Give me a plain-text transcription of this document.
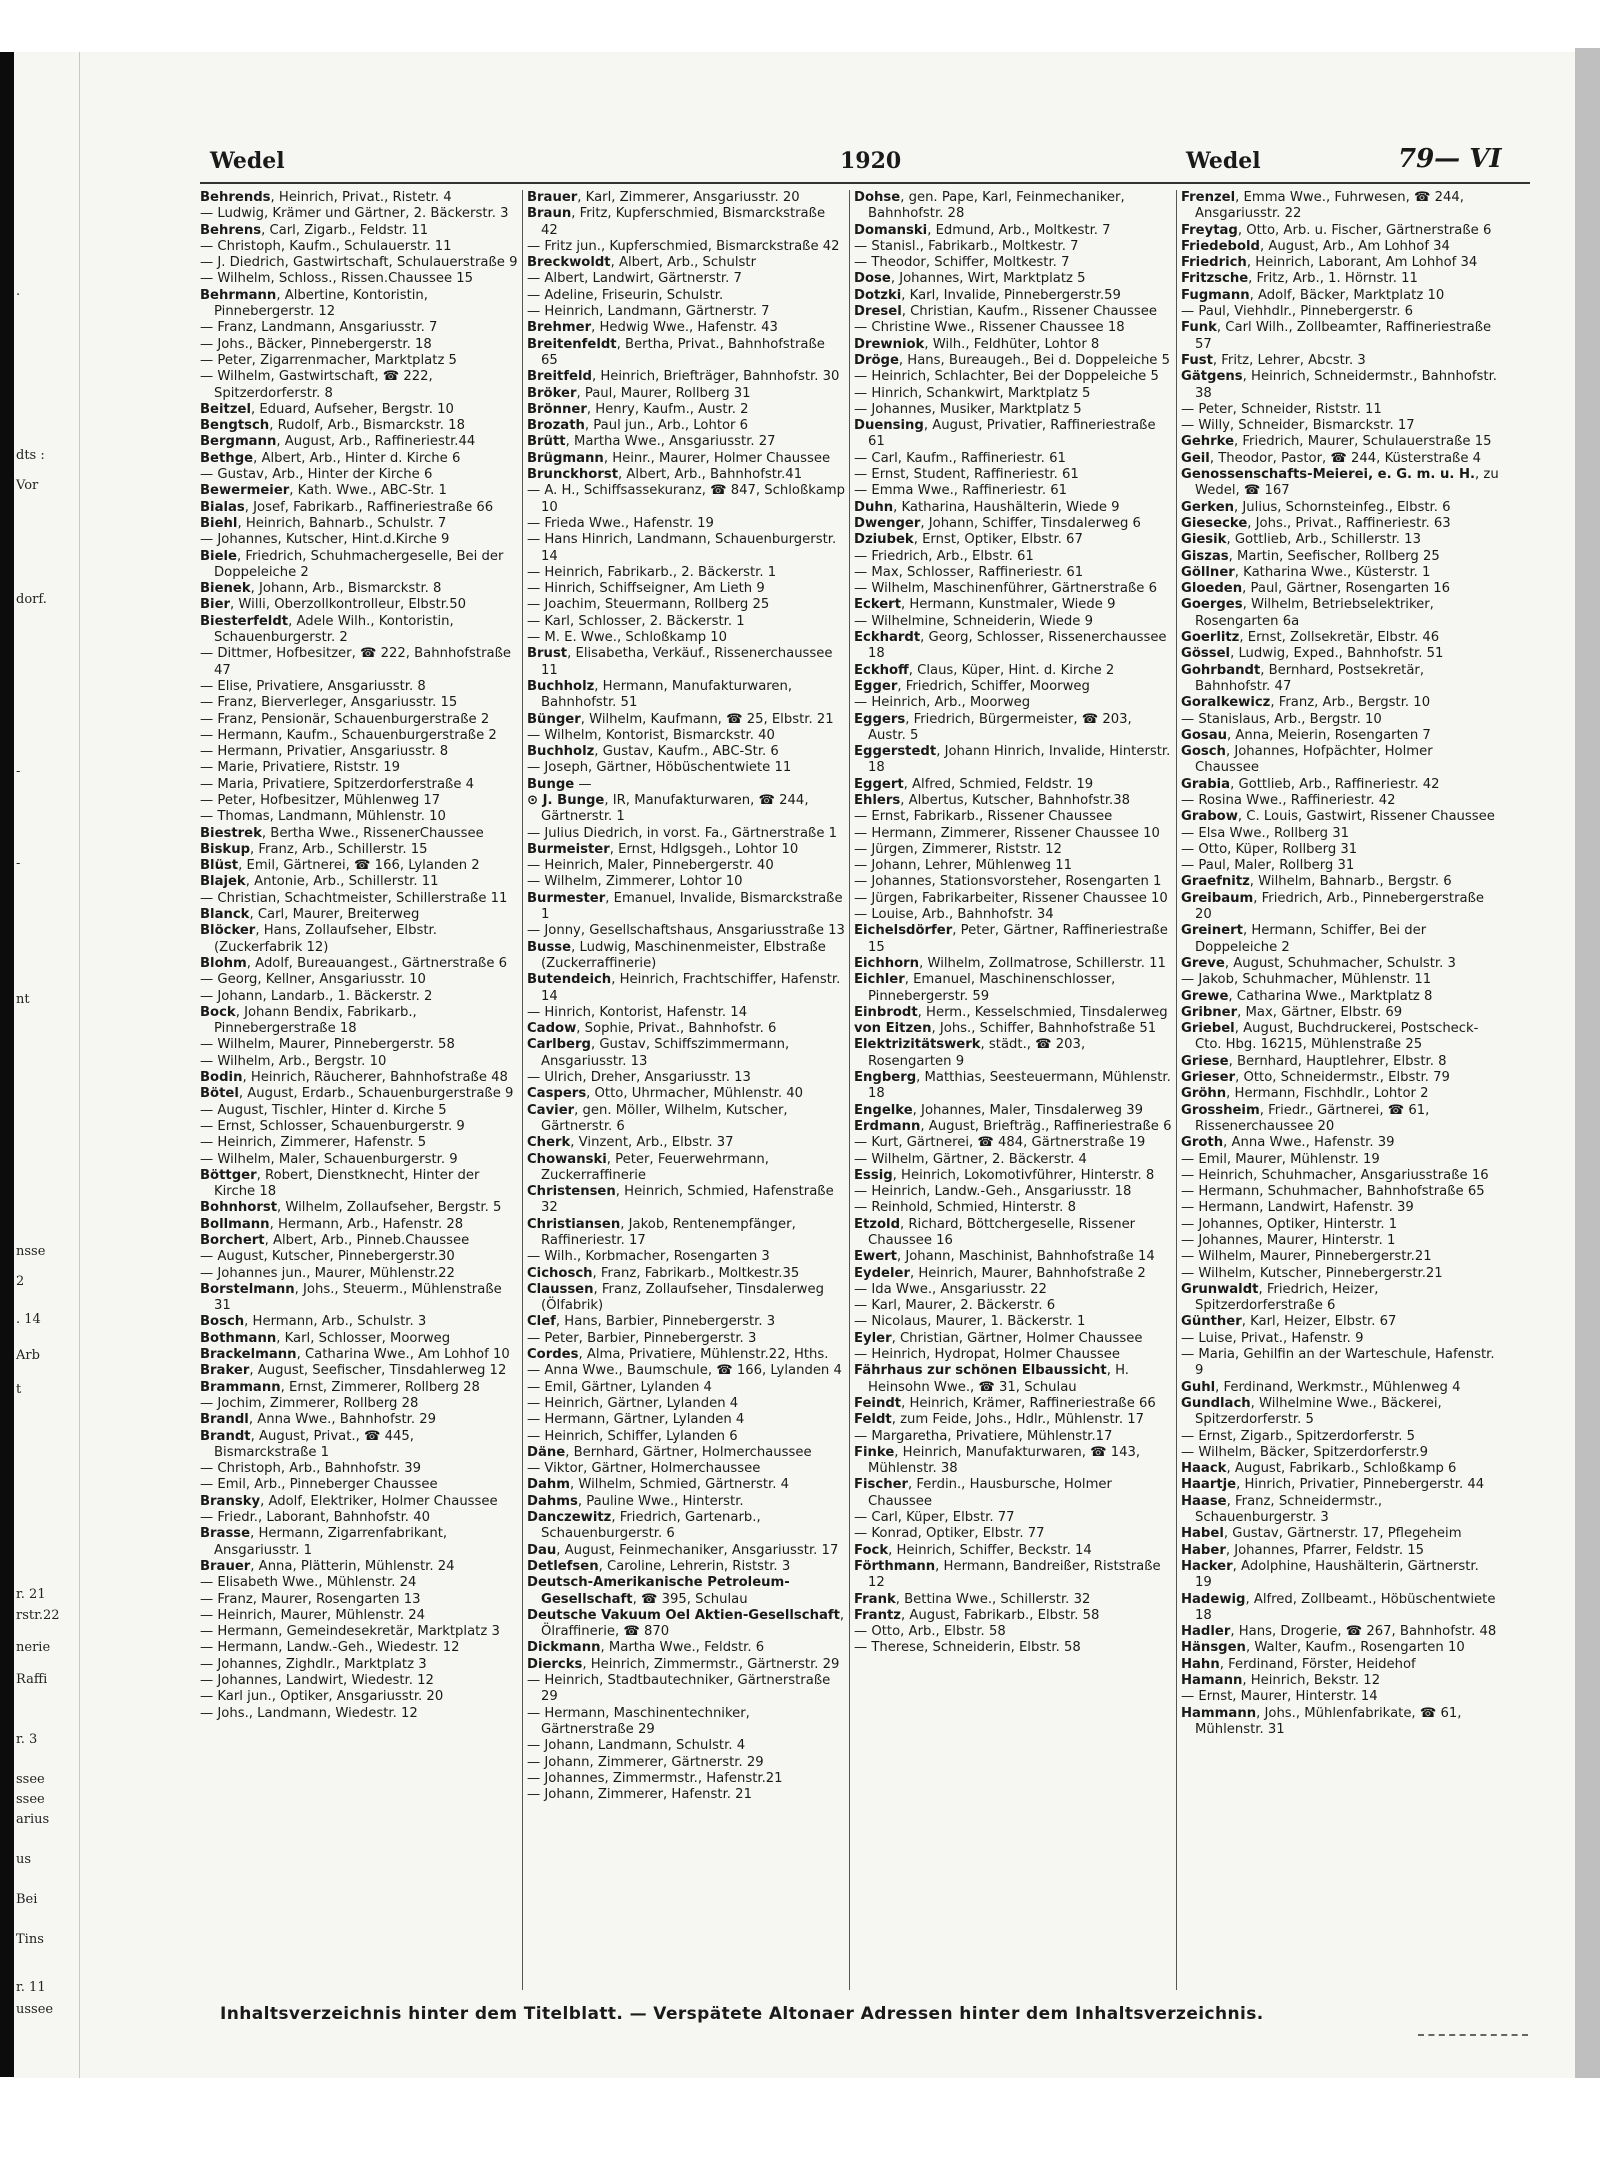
.
dts :
Vor
dorf.
-
-
nt
nsse
2
. 14
Arb
t
r. 21
rstr.22
nerie
Raffi
r. 3
ssee
ssee
arius
us
Bei
Tins
r. 11
ussee
Wedel	1920	Wedel	79— VI

Behrends, Heinrich, Privat., Ristetr. 4

— Ludwig, Krämer und Gärtner, 2. Bäckerstr. 3

Behrens, Carl, Zigarb., Feldstr. 11

— Christoph, Kaufm., Schulauerstr. 11

— J. Diedrich, Gastwirtschaft, Schulauerstraße 9

— Wilhelm, Schloss., Rissen.Chaussee 15

Behrmann, Albertine, Kontoristin, Pinnebergerstr. 12

— Franz, Landmann, Ansgariusstr. 7

— Johs., Bäcker, Pinnebergerstr. 18

— Peter, Zigarrenmacher, Marktplatz 5

— Wilhelm, Gastwirtschaft, ☎ 222, Spitzerdorferstr. 8

Beitzel, Eduard, Aufseher, Bergstr. 10

Bengtsch, Rudolf, Arb., Bismarckstr. 18

Bergmann, August, Arb., Raffineriestr.44

Bethge, Albert, Arb., Hinter d. Kirche 6

— Gustav, Arb., Hinter der Kirche 6

Bewermeier, Kath. Wwe., ABC-Str. 1

Bialas, Josef, Fabrikarb., Raffineriestraße 66

Biehl, Heinrich, Bahnarb., Schulstr. 7

— Johannes, Kutscher, Hint.d.Kirche 9

Biele, Friedrich, Schuhmachergeselle, Bei der Doppeleiche 2

Bienek, Johann, Arb., Bismarckstr. 8

Bier, Willi, Oberzollkontrolleur, Elbstr.50

Biesterfeldt, Adele Wilh., Kontoristin, Schauenburgerstr. 2

— Dittmer, Hofbesitzer, ☎ 222, Bahnhofstraße 47

— Elise, Privatiere, Ansgariusstr. 8

— Franz, Bierverleger, Ansgariusstr. 15

— Franz, Pensionär, Schauenburgerstraße 2

— Hermann, Kaufm., Schauenburgerstraße 2

— Hermann, Privatier, Ansgariusstr. 8

— Marie, Privatiere, Riststr. 19

— Maria, Privatiere, Spitzerdorferstraße 4

— Peter, Hofbesitzer, Mühlenweg 17

— Thomas, Landmann, Mühlenstr. 10

Biestrek, Bertha Wwe., RissenerChaussee

Biskup, Franz, Arb., Schillerstr. 15

Blüst, Emil, Gärtnerei, ☎ 166, Lylanden 2

Blajek, Antonie, Arb., Schillerstr. 11

— Christian, Schachtmeister, Schillerstraße 11

Blanck, Carl, Maurer, Breiterweg

Blöcker, Hans, Zollaufseher, Elbstr. (Zuckerfabrik 12)

Blohm, Adolf, Bureauangest., Gärtnerstraße 6

— Georg, Kellner, Ansgariusstr. 10

— Johann, Landarb., 1. Bäckerstr. 2

Bock, Johann Bendix, Fabrikarb., Pinnebergerstraße 18

— Wilhelm, Maurer, Pinnebergerstr. 58

— Wilhelm, Arb., Bergstr. 10

Bodin, Heinrich, Räucherer, Bahnhofstraße 48

Bötel, August, Erdarb., Schauenburgerstraße 9

— August, Tischler, Hinter d. Kirche 5

— Ernst, Schlosser, Schauenburgerstr. 9

— Heinrich, Zimmerer, Hafenstr. 5

— Wilhelm, Maler, Schauenburgerstr. 9

Böttger, Robert, Dienstknecht, Hinter der Kirche 18

Bohnhorst, Wilhelm, Zollaufseher, Bergstr. 5

Bollmann, Hermann, Arb., Hafenstr. 28

Borchert, Albert, Arb., Pinneb.Chaussee

— August, Kutscher, Pinnebergerstr.30

— Johannes jun., Maurer, Mühlenstr.22

Borstelmann, Johs., Steuerm., Mühlenstraße 31

Bosch, Hermann, Arb., Schulstr. 3

Bothmann, Karl, Schlosser, Moorweg

Brackelmann, Catharina Wwe., Am Lohhof 10

Braker, August, Seefischer, Tinsdahlerweg 12

Brammann, Ernst, Zimmerer, Rollberg 28

— Jochim, Zimmerer, Rollberg 28

Brandl, Anna Wwe., Bahnhofstr. 29

Brandt, August, Privat., ☎ 445, Bismarckstraße 1

— Christoph, Arb., Bahnhofstr. 39

— Emil, Arb., Pinneberger Chaussee

Bransky, Adolf, Elektriker, Holmer Chaussee

— Friedr., Laborant, Bahnhofstr. 40

Brasse, Hermann, Zigarrenfabrikant, Ansgariusstr. 1

Brauer, Anna, Plätterin, Mühlenstr. 24

— Elisabeth Wwe., Mühlenstr. 24

— Franz, Maurer, Rosengarten 13

— Heinrich, Maurer, Mühlenstr. 24

— Hermann, Gemeindesekretär, Marktplatz 3

— Hermann, Landw.-Geh., Wiedestr. 12

— Johannes, Zighdlr., Marktplatz 3

— Johannes, Landwirt, Wiedestr. 12

— Karl jun., Optiker, Ansgariusstr. 20

— Johs., Landmann, Wiedestr. 12

Brauer, Karl, Zimmerer, Ansgariusstr. 20

Braun, Fritz, Kupferschmied, Bismarckstraße 42

— Fritz jun., Kupferschmied, Bismarckstraße 42

Breckwoldt, Albert, Arb., Schulstr

— Albert, Landwirt, Gärtnerstr. 7

— Adeline, Friseurin, Schulstr.

— Heinrich, Landmann, Gärtnerstr. 7

Brehmer, Hedwig Wwe., Hafenstr. 43

Breitenfeldt, Bertha, Privat., Bahnhofstraße 65

Breitfeld, Heinrich, Briefträger, Bahnhofstr. 30

Bröker, Paul, Maurer, Rollberg 31

Brönner, Henry, Kaufm., Austr. 2

Brozath, Paul jun., Arb., Lohtor 6

Brütt, Martha Wwe., Ansgariusstr. 27

Brügmann, Heinr., Maurer, Holmer Chaussee

Brunckhorst, Albert, Arb., Bahnhofstr.41

— A. H., Schiffsassekuranz, ☎ 847, Schloßkamp 10

— Frieda Wwe., Hafenstr. 19

— Hans Hinrich, Landmann, Schauenburgerstr. 14

— Heinrich, Fabrikarb., 2. Bäckerstr. 1

— Hinrich, Schiffseigner, Am Lieth 9

— Joachim, Steuermann, Rollberg 25

— Karl, Schlosser, 2. Bäckerstr. 1

— M. E. Wwe., Schloßkamp 10

Brust, Elisabetha, Verkäuf., Rissenerchaussee 11

Buchholz, Hermann, Manufakturwaren, Bahnhofstr. 51

Bünger, Wilhelm, Kaufmann, ☎ 25, Elbstr. 21

— Wilhelm, Kontorist, Bismarckstr. 40

Buchholz, Gustav, Kaufm., ABC-Str. 6

— Joseph, Gärtner, Höbüschentwiete 11

Bunge —

⊙ J. Bunge, IR, Manufakturwaren, ☎ 244, Gärtnerstr. 1

— Julius Diedrich, in vorst. Fa., Gärtnerstraße 1

Burmeister, Ernst, Hdlgsgeh., Lohtor 10

— Heinrich, Maler, Pinnebergerstr. 40

— Wilhelm, Zimmerer, Lohtor 10

Burmester, Emanuel, Invalide, Bismarckstraße 1

— Jonny, Gesellschaftshaus, Ansgariusstraße 13

Busse, Ludwig, Maschinenmeister, Elbstraße (Zuckerraffinerie)

Butendeich, Heinrich, Frachtschiffer, Hafenstr. 14

— Hinrich, Kontorist, Hafenstr. 14

Cadow, Sophie, Privat., Bahnhofstr. 6

Carlberg, Gustav, Schiffszimmermann, Ansgariusstr. 13

— Ulrich, Dreher, Ansgariusstr. 13

Caspers, Otto, Uhrmacher, Mühlenstr. 40

Cavier, gen. Möller, Wilhelm, Kutscher, Gärtnerstr. 6

Cherk, Vinzent, Arb., Elbstr. 37

Chowanski, Peter, Feuerwehrmann, Zuckerraffinerie

Christensen, Heinrich, Schmied, Hafenstraße 32

Christiansen, Jakob, Rentenempfänger, Raffineriestr. 17

— Wilh., Korbmacher, Rosengarten 3

Cichosch, Franz, Fabrikarb., Moltkestr.35

Claussen, Franz, Zollaufseher, Tinsdalerweg (Ölfabrik)

Clef, Hans, Barbier, Pinnebergerstr. 3

— Peter, Barbier, Pinnebergerstr. 3

Cordes, Alma, Privatiere, Mühlenstr.22, Hths.

— Anna Wwe., Baumschule, ☎ 166, Lylanden 4

— Emil, Gärtner, Lylanden 4

— Heinrich, Gärtner, Lylanden 4

— Hermann, Gärtner, Lylanden 4

— Heinrich, Schiffer, Lylanden 6

Däne, Bernhard, Gärtner, Holmerchaussee

— Viktor, Gärtner, Holmerchaussee

Dahm, Wilhelm, Schmied, Gärtnerstr. 4

Dahms, Pauline Wwe., Hinterstr.

Danczewitz, Friedrich, Gartenarb., Schauenburgerstr. 6

Dau, August, Feinmechaniker, Ansgariusstr. 17

Detlefsen, Caroline, Lehrerin, Riststr. 3

Deutsch-Amerikanische Petroleum-Gesellschaft, ☎ 395, Schulau

Deutsche Vakuum Oel Aktien-Gesellschaft, Ölraffinerie, ☎ 870

Dickmann, Martha Wwe., Feldstr. 6

Diercks, Heinrich, Zimmermstr., Gärtnerstr. 29

— Heinrich, Stadtbautechniker, Gärtnerstraße 29

— Hermann, Maschinentechniker, Gärtnerstraße 29

— Johann, Landmann, Schulstr. 4

— Johann, Zimmerer, Gärtnerstr. 29

— Johannes, Zimmermstr., Hafenstr.21

— Johann, Zimmerer, Hafenstr. 21

Dohse, gen. Pape, Karl, Feinmechaniker, Bahnhofstr. 28

Domanski, Edmund, Arb., Moltkestr. 7

— Stanisl., Fabrikarb., Moltkestr. 7

— Theodor, Schiffer, Moltkestr. 7

Dose, Johannes, Wirt, Marktplatz 5

Dotzki, Karl, Invalide, Pinnebergerstr.59

Dresel, Christian, Kaufm., Rissener Chaussee

— Christine Wwe., Rissener Chaussee 18

Drewniok, Wilh., Feldhüter, Lohtor 8

Dröge, Hans, Bureaugeh., Bei d. Doppeleiche 5

— Heinrich, Schlachter, Bei der Doppeleiche 5

— Hinrich, Schankwirt, Marktplatz 5

— Johannes, Musiker, Marktplatz 5

Duensing, August, Privatier, Raffineriestraße 61

— Carl, Kaufm., Raffineriestr. 61

— Ernst, Student, Raffineriestr. 61

— Emma Wwe., Raffineriestr. 61

Duhn, Katharina, Haushälterin, Wiede 9

Dwenger, Johann, Schiffer, Tinsdalerweg 6

Dziubek, Ernst, Optiker, Elbstr. 67

— Friedrich, Arb., Elbstr. 61

— Max, Schlosser, Raffineriestr. 61

— Wilhelm, Maschinenführer, Gärtnerstraße 6

Eckert, Hermann, Kunstmaler, Wiede 9

— Wilhelmine, Schneiderin, Wiede 9

Eckhardt, Georg, Schlosser, Rissenerchaussee 18

Eckhoff, Claus, Küper, Hint. d. Kirche 2

Egger, Friedrich, Schiffer, Moorweg

— Heinrich, Arb., Moorweg

Eggers, Friedrich, Bürgermeister, ☎ 203, Austr. 5

Eggerstedt, Johann Hinrich, Invalide, Hinterstr. 18

Eggert, Alfred, Schmied, Feldstr. 19

Ehlers, Albertus, Kutscher, Bahnhofstr.38

— Ernst, Fabrikarb., Rissener Chaussee

— Hermann, Zimmerer, Rissener Chaussee 10

— Jürgen, Zimmerer, Riststr. 12

— Johann, Lehrer, Mühlenweg 11

— Johannes, Stationsvorsteher, Rosengarten 1

— Jürgen, Fabrikarbeiter, Rissener Chaussee 10

— Louise, Arb., Bahnhofstr. 34

Eichelsdörfer, Peter, Gärtner, Raffineriestraße 15

Eichhorn, Wilhelm, Zollmatrose, Schillerstr. 11

Eichler, Emanuel, Maschinenschlosser, Pinnebergerstr. 59

Einbrodt, Herm., Kesselschmied, Tinsdalerweg

von Eitzen, Johs., Schiffer, Bahnhofstraße 51

Elektrizitätswerk, städt., ☎ 203, Rosengarten 9

Engberg, Matthias, Seesteuermann, Mühlenstr. 18

Engelke, Johannes, Maler, Tinsdalerweg 39

Erdmann, August, Briefträg., Raffineriestraße 6

— Kurt, Gärtnerei, ☎ 484, Gärtnerstraße 19

— Wilhelm, Gärtner, 2. Bäckerstr. 4

Essig, Heinrich, Lokomotivführer, Hinterstr. 8

— Heinrich, Landw.-Geh., Ansgariusstr. 18

— Reinhold, Schmied, Hinterstr. 8

Etzold, Richard, Böttchergeselle, Rissener Chaussee 16

Ewert, Johann, Maschinist, Bahnhofstraße 14

Eydeler, Heinrich, Maurer, Bahnhofstraße 2

— Ida Wwe., Ansgariusstr. 22

— Karl, Maurer, 2. Bäckerstr. 6

— Nicolaus, Maurer, 1. Bäckerstr. 1

Eyler, Christian, Gärtner, Holmer Chaussee

— Heinrich, Hydropat, Holmer Chaussee

Fährhaus zur schönen Elbaussicht, H. Heinsohn Wwe., ☎ 31, Schulau

Feindt, Heinrich, Krämer, Raffineriestraße 66

Feldt, zum Feide, Johs., Hdlr., Mühlenstr. 17

— Margaretha, Privatiere, Mühlenstr.17

Finke, Heinrich, Manufakturwaren, ☎ 143, Mühlenstr. 38

Fischer, Ferdin., Hausbursche, Holmer Chaussee

— Carl, Küper, Elbstr. 77

— Konrad, Optiker, Elbstr. 77

Fock, Heinrich, Schiffer, Beckstr. 14

Förthmann, Hermann, Bandreißer, Riststraße 12

Frank, Bettina Wwe., Schillerstr. 32

Frantz, August, Fabrikarb., Elbstr. 58

— Otto, Arb., Elbstr. 58

— Therese, Schneiderin, Elbstr. 58

Frenzel, Emma Wwe., Fuhrwesen, ☎ 244, Ansgariusstr. 22

Freytag, Otto, Arb. u. Fischer, Gärtnerstraße 6

Friedebold, August, Arb., Am Lohhof 34

Friedrich, Heinrich, Laborant, Am Lohhof 34

Fritzsche, Fritz, Arb., 1. Hörnstr. 11

Fugmann, Adolf, Bäcker, Marktplatz 10

— Paul, Viehhdlr., Pinnebergerstr. 6

Funk, Carl Wilh., Zollbeamter, Raffineriestraße 57

Fust, Fritz, Lehrer, Abcstr. 3

Gätgens, Heinrich, Schneidermstr., Bahnhofstr. 38

— Peter, Schneider, Riststr. 11

— Willy, Schneider, Bismarckstr. 17

Gehrke, Friedrich, Maurer, Schulauerstraße 15

Geil, Theodor, Pastor, ☎ 244, Küsterstraße 4

Genossenschafts-Meierei, e. G. m. u. H., zu Wedel, ☎ 167

Gerken, Julius, Schornsteinfeg., Elbstr. 6

Giesecke, Johs., Privat., Raffineriestr. 63

Giesik, Gottlieb, Arb., Schillerstr. 13

Giszas, Martin, Seefischer, Rollberg 25

Göllner, Katharina Wwe., Küsterstr. 1

Gloeden, Paul, Gärtner, Rosengarten 16

Goerges, Wilhelm, Betriebselektriker, Rosengarten 6a

Goerlitz, Ernst, Zollsekretär, Elbstr. 46

Gössel, Ludwig, Exped., Bahnhofstr. 51

Gohrbandt, Bernhard, Postsekretär, Bahnhofstr. 47

Goralkewicz, Franz, Arb., Bergstr. 10

— Stanislaus, Arb., Bergstr. 10

Gosau, Anna, Meierin, Rosengarten 7

Gosch, Johannes, Hofpächter, Holmer Chaussee

Grabia, Gottlieb, Arb., Raffineriestr. 42

— Rosina Wwe., Raffineriestr. 42

Grabow, C. Louis, Gastwirt, Rissener Chaussee

— Elsa Wwe., Rollberg 31

— Otto, Küper, Rollberg 31

— Paul, Maler, Rollberg 31

Graefnitz, Wilhelm, Bahnarb., Bergstr. 6

Greibaum, Friedrich, Arb., Pinnebergerstraße 20

Greinert, Hermann, Schiffer, Bei der Doppeleiche 2

Greve, August, Schuhmacher, Schulstr. 3

— Jakob, Schuhmacher, Mühlenstr. 11

Grewe, Catharina Wwe., Marktplatz 8

Gribner, Max, Gärtner, Elbstr. 69

Griebel, August, Buchdruckerei, Postscheck-Cto. Hbg. 16215, Mühlenstraße 25

Griese, Bernhard, Hauptlehrer, Elbstr. 8

Grieser, Otto, Schneidermstr., Elbstr. 79

Gröhn, Hermann, Fischhdlr., Lohtor 2

Grossheim, Friedr., Gärtnerei, ☎ 61, Rissenerchaussee 20

Groth, Anna Wwe., Hafenstr. 39

— Emil, Maurer, Mühlenstr. 19

— Heinrich, Schuhmacher, Ansgariusstraße 16

— Hermann, Schuhmacher, Bahnhofstraße 65

— Hermann, Landwirt, Hafenstr. 39

— Johannes, Optiker, Hinterstr. 1

— Johannes, Maurer, Hinterstr. 1

— Wilhelm, Maurer, Pinnebergerstr.21

— Wilhelm, Kutscher, Pinnebergerstr.21

Grunwaldt, Friedrich, Heizer, Spitzerdorferstraße 6

Günther, Karl, Heizer, Elbstr. 67

— Luise, Privat., Hafenstr. 9

— Maria, Gehilfin an der Warteschule, Hafenstr. 9

Guhl, Ferdinand, Werkmstr., Mühlenweg 4

Gundlach, Wilhelmine Wwe., Bäckerei, Spitzerdorferstr. 5

— Ernst, Zigarb., Spitzerdorferstr. 5

— Wilhelm, Bäcker, Spitzerdorferstr.9

Haack, August, Fabrikarb., Schloßkamp 6

Haartje, Hinrich, Privatier, Pinnebergerstr. 44

Haase, Franz, Schneidermstr., Schauenburgerstr. 3

Habel, Gustav, Gärtnerstr. 17, Pflegeheim

Haber, Johannes, Pfarrer, Feldstr. 15

Hacker, Adolphine, Haushälterin, Gärtnerstr. 19

Hadewig, Alfred, Zollbeamt., Höbüschentwiete 18

Hadler, Hans, Drogerie, ☎ 267, Bahnhofstr. 48

Hänsgen, Walter, Kaufm., Rosengarten 10

Hahn, Ferdinand, Förster, Heidehof

Hamann, Heinrich, Bekstr. 12

— Ernst, Maurer, Hinterstr. 14

Hammann, Johs., Mühlenfabrikate, ☎ 61, Mühlenstr. 31

Inhaltsverzeichnis hinter dem Titelblatt. — Verspätete Altonaer Adressen hinter dem Inhaltsverzeichnis.
